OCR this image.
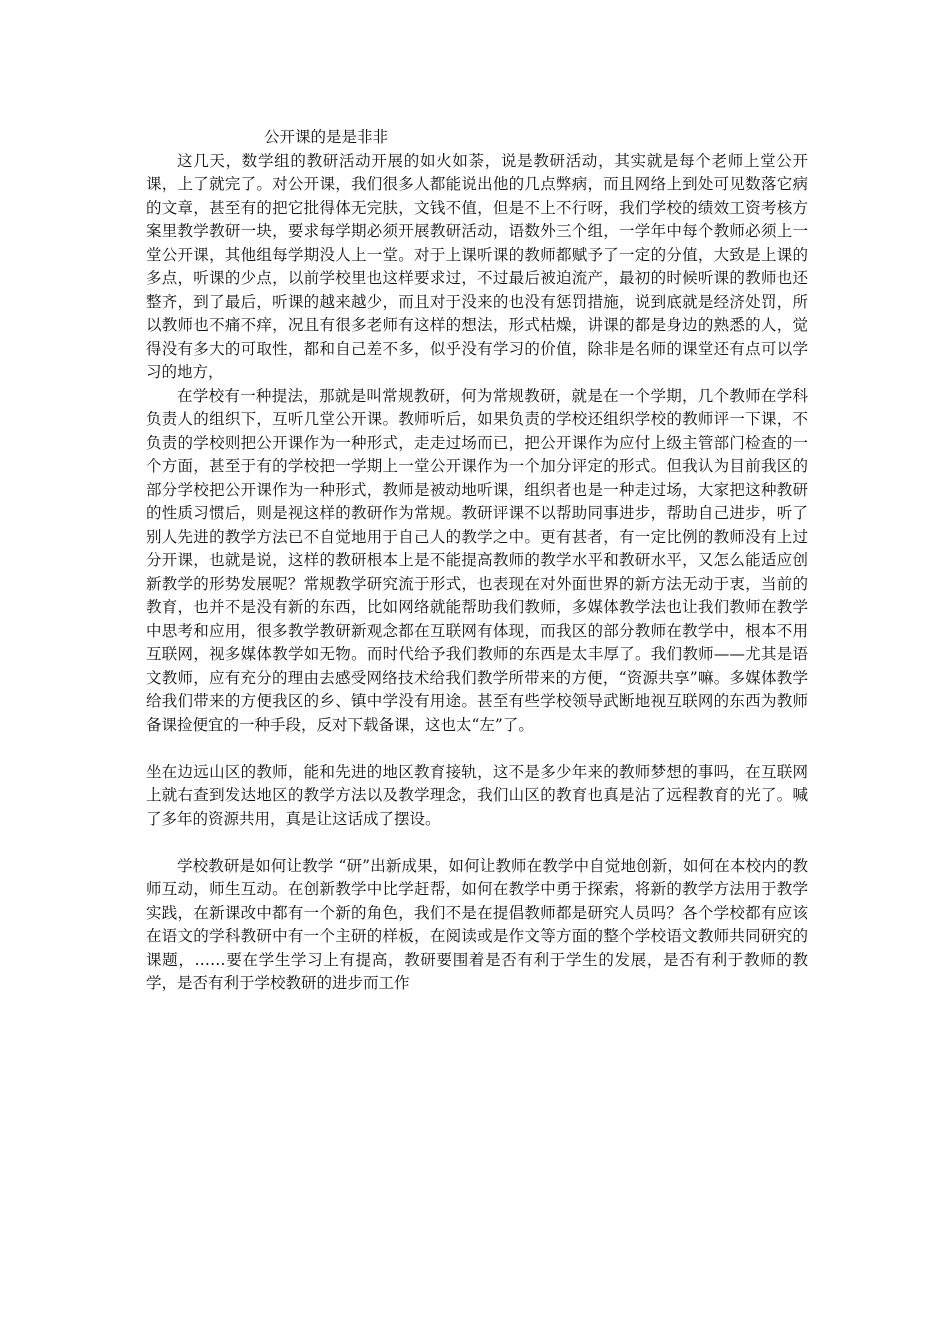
公开课的是是非非

这几天，数学组的教研活动开展的如火如荼，说是教研活动，其实就是每个老师上堂公开课，上了就完了。对公开课，我们很多人都能说出他的几点弊病，而且网络上到处可见数落它病的文章，甚至有的把它批得体无完肤，文钱不值，但是不上不行呀，我们学校的绩效工资考核方案里教学教研一块，要求每学期必须开展教研活动，语数外三个组，一学年中每个教师必须上一堂公开课，其他组每学期没人上一堂。对于上课听课的教师都赋予了一定的分值，大致是上课的多点，听课的少点，以前学校里也这样要求过，不过最后被迫流产，最初的时候听课的教师也还整齐，到了最后，听课的越来越少，而且对于没来的也没有惩罚措施，说到底就是经济处罚，所以教师也不痛不痒，况且有很多老师有这样的想法，形式枯燥，讲课的都是身边的熟悉的人，觉得没有多大的可取性，都和自己差不多，似乎没有学习的价值，除非是名师的课堂还有点可以学习的地方，

在学校有一种提法，那就是叫常规教研，何为常规教研，就是在一个学期，几个教师在学科负责人的组织下，互听几堂公开课。教师听后，如果负责的学校还组织学校的教师评一下课，不负责的学校则把公开课作为一种形式，走走过场而已，把公开课作为应付上级主管部门检查的一个方面，甚至于有的学校把一学期上一堂公开课作为一个加分评定的形式。但我认为目前我区的部分学校把公开课作为一种形式，教师是被动地听课，组织者也是一种走过场，大家把这种教研的性质习惯后，则是视这样的教研作为常规。教研评课不以帮助同事进步，帮助自己进步，听了别人先进的教学方法已不自觉地用于自己人的教学之中。更有甚者，有一定比例的教师没有上过分开课，也就是说，这样的教研根本上是不能提高教师的教学水平和教研水平，又怎么能适应创新教学的形势发展呢？常规教学研究流于形式，也表现在对外面世界的新方法无动于衷，当前的教育，也并不是没有新的东西，比如网络就能帮助我们教师，多媒体教学法也让我们教师在教学中思考和应用，很多教学教研新观念都在互联网有体现，而我区的部分教师在教学中，根本不用互联网，视多媒体教学如无物。而时代给予我们教师的东西是太丰厚了。我们教师——尤其是语文教师，应有充分的理由去感受网络技术给我们教学所带来的方便，“资源共享”嘛。多媒体教学给我们带来的方便我区的乡、镇中学没有用途。甚至有些学校领导武断地视互联网的东西为教师备课捡便宜的一种手段，反对下载备课，这也太“左”了。

坐在边远山区的教师，能和先进的地区教育接轨，这不是多少年来的教师梦想的事吗，在互联网上就右查到发达地区的教学方法以及教学理念，我们山区的教育也真是沾了远程教育的光了。喊了多年的资源共用，真是让这话成了摆设。

学校教研是如何让教学 “研”出新成果，如何让教师在教学中自觉地创新，如何在本校内的教师互动，师生互动。在创新教学中比学赶帮，如何在教学中勇于探索，将新的教学方法用于教学实践，在新课改中都有一个新的角色，我们不是在提倡教师都是研究人员吗？各个学校都有应该在语文的学科教研中有一个主研的样板，在阅读或是作文等方面的整个学校语文教师共同研究的课题，……要在学生学习上有提高，教研要围着是否有利于学生的发展，是否有利于教师的教学，是否有利于学校教研的进步而工作
